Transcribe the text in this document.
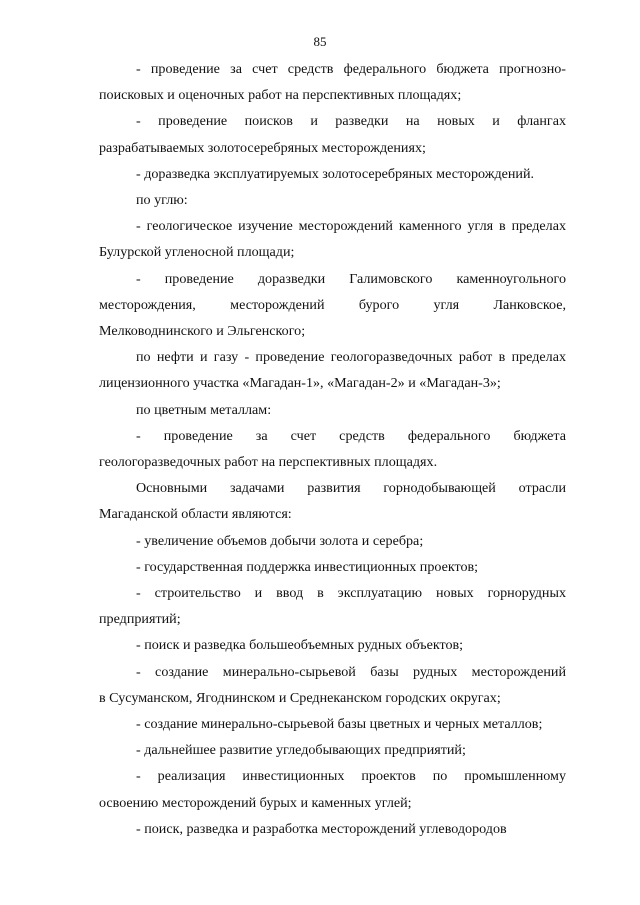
85
- проведение за счет средств федерального бюджета прогнозно-
поисковых и оценочных работ на перспективных площадях;
- проведение поисков и разведки на новых и флангах
разрабатываемых золотосеребряных месторождениях;
- доразведка эксплуатируемых золотосеребряных месторождений.
по углю:
- геологическое изучение месторождений каменного угля в пределах
Булурской угленосной площади;
- проведение доразведки Галимовского каменноугольного
месторождения, месторождений бурого угля Ланковское,
Мелководнинского и Эльгенского;
по нефти и газу - проведение геологоразведочных работ в пределах
лицензионного участка «Магадан-1», «Магадан-2» и «Магадан-3»;
по цветным металлам:
- проведение за счет средств федерального бюджета
геологоразведочных работ на перспективных площадях.
Основными задачами развития горнодобывающей отрасли
Магаданской области являются:
- увеличение объемов добычи золота и серебра;
- государственная поддержка инвестиционных проектов;
- строительство и ввод в эксплуатацию новых горнорудных
предприятий;
- поиск и разведка большеобъемных рудных объектов;
- создание минерально-сырьевой базы рудных месторождений
в Сусуманском, Ягоднинском и Среднеканском городских округах;
- создание минерально-сырьевой базы цветных и черных металлов;
- дальнейшее развитие угледобывающих предприятий;
- реализация инвестиционных проектов по промышленному
освоению месторождений бурых и каменных углей;
- поиск, разведка и разработка месторождений углеводородов
